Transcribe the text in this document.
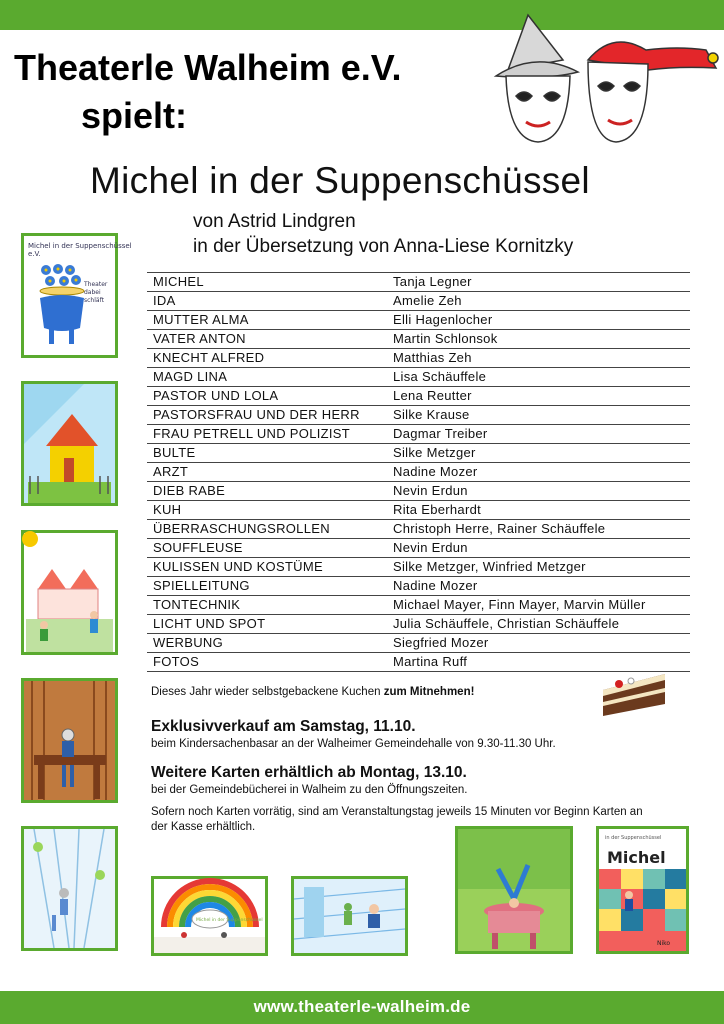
Theaterle Walheim e.V.
spielt:
Michel in der Suppenschüssel
von Astrid Lindgren
in der Übersetzung von Anna-Liese Kornitzky
Michel in der Suppenschüssel
e.V.
Theater
dabei
schläft
MICHEL	Tanja Legner
IDA	Amelie Zeh
MUTTER ALMA	Elli Hagenlocher
VATER ANTON	Martin Schlonsok
KNECHT ALFRED	Matthias Zeh
MAGD LINA	Lisa Schäuffele
PASTOR UND LOLA	Lena Reutter
PASTORSFRAU UND DER HERR	Silke Krause
FRAU PETRELL UND POLIZIST	Dagmar Treiber
BULTE	Silke Metzger
ARZT	Nadine Mozer
DIEB RABE	Nevin Erdun
KUH	Rita Eberhardt
ÜBERRASCHUNGSROLLEN	Christoph Herre, Rainer Schäuffele
SOUFFLEUSE	Nevin Erdun
KULISSEN UND KOSTÜME	Silke Metzger, Winfried Metzger
SPIELLEITUNG	Nadine Mozer
TONTECHNIK	Michael Mayer, Finn Mayer, Marvin Müller
LICHT UND SPOT	Julia Schäuffele, Christian Schäuffele
WERBUNG	Siegfried Mozer
FOTOS	Martina Ruff
Dieses Jahr wieder selbstgebackene Kuchen zum Mitnehmen!
Exklusivverkauf am Samstag, 11.10.
beim Kindersachenbasar an der Walheimer Gemeindehalle von 9.30-11.30 Uhr.
Weitere Karten erhältlich ab Montag, 13.10.
bei der Gemeindebücherei in Walheim zu den Öffnungszeiten.
Sofern noch Karten vorrätig, sind am Veranstaltungstag jeweils 15 Minuten vor Beginn Karten an
der Kasse erhältlich.
Michel in der Suppenschüssel
in der Suppenschüssel
Michel
Niko
www.theaterle-walheim.de
